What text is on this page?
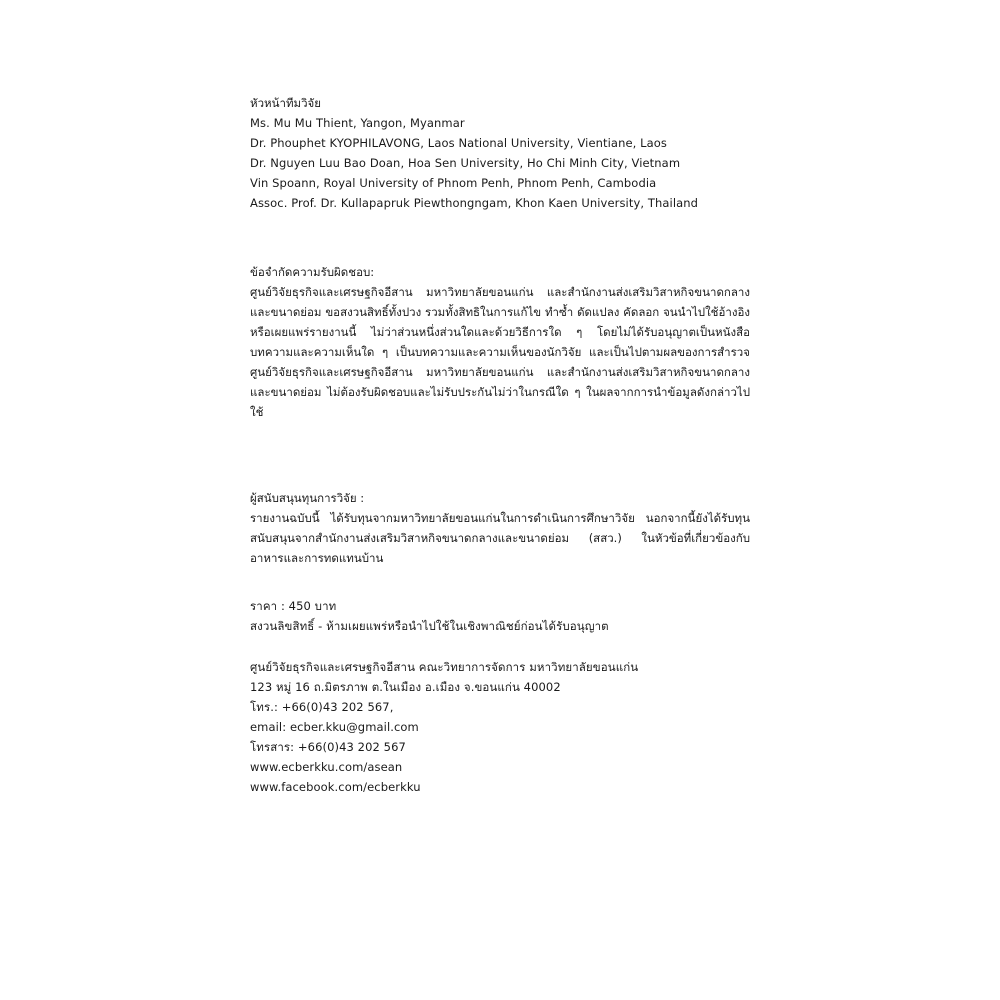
หัวหน้าทีมวิจัย
Ms. Mu Mu Thient, Yangon, Myanmar
Dr. Phouphet KYOPHILAVONG, Laos National University, Vientiane, Laos
Dr. Nguyen Luu Bao Doan, Hoa Sen University, Ho Chi Minh City, Vietnam
Vin Spoann, Royal University of Phnom Penh, Phnom Penh, Cambodia
Assoc. Prof. Dr. Kullapapruk Piewthongngam, Khon Kaen University, Thailand
ข้อจำกัดความรับผิดชอบ:
ศูนย์วิจัยธุรกิจและเศรษฐกิจอีสาน มหาวิทยาลัยขอนแก่น และสำนักงานส่งเสริมวิสาหกิจขนาดกลางและขนาดย่อม ขอสงวนสิทธิ์ทั้งปวง รวมทั้งสิทธิในการแก้ไข ทำซ้ำ ดัดแปลง คัดลอก จนนำไปใช้อ้างอิงหรือเผยแพร่รายงานนี้ ไม่ว่าส่วนหนึ่งส่วนใดและด้วยวิธีการใด ๆ โดยไม่ได้รับอนุญาตเป็นหนังสือ บทความและความเห็นใด ๆ เป็นบทความและความเห็นของนักวิจัย และเป็นไปตามผลของการสำรวจ ศูนย์วิจัยธุรกิจและเศรษฐกิจอีสาน มหาวิทยาลัยขอนแก่น และสำนักงานส่งเสริมวิสาหกิจขนาดกลางและขนาดย่อม ไม่ต้องรับผิดชอบและไม่รับประกันไม่ว่าในกรณีใด ๆ ในผลจากการนำข้อมูลดังกล่าวไปใช้
ผู้สนับสนุนทุนการวิจัย :
รายงานฉบับนี้ ได้รับทุนจากมหาวิทยาลัยขอนแก่นในการดำเนินการศึกษาวิจัย นอกจากนี้ยังได้รับทุนสนับสนุนจากสำนักงานส่งเสริมวิสาหกิจขนาดกลางและขนาดย่อม (สสว.) ในหัวข้อที่เกี่ยวข้องกับอาหารและการทดแทนบ้าน
ราคา : 450 บาท
สงวนลิขสิทธิ์ - ห้ามเผยแพร่หรือนำไปใช้ในเชิงพาณิชย์ก่อนได้รับอนุญาต
ศูนย์วิจัยธุรกิจและเศรษฐกิจอีสาน คณะวิทยาการจัดการ มหาวิทยาลัยขอนแก่น
123 หมู่ 16 ถ.มิตรภาพ ต.ในเมือง อ.เมือง จ.ขอนแก่น 40002
โทร.: +66(0)43 202 567,
email: ecber.kku@gmail.com
โทรสาร: +66(0)43 202 567
www.ecberkku.com/asean
www.facebook.com/ecberkku
